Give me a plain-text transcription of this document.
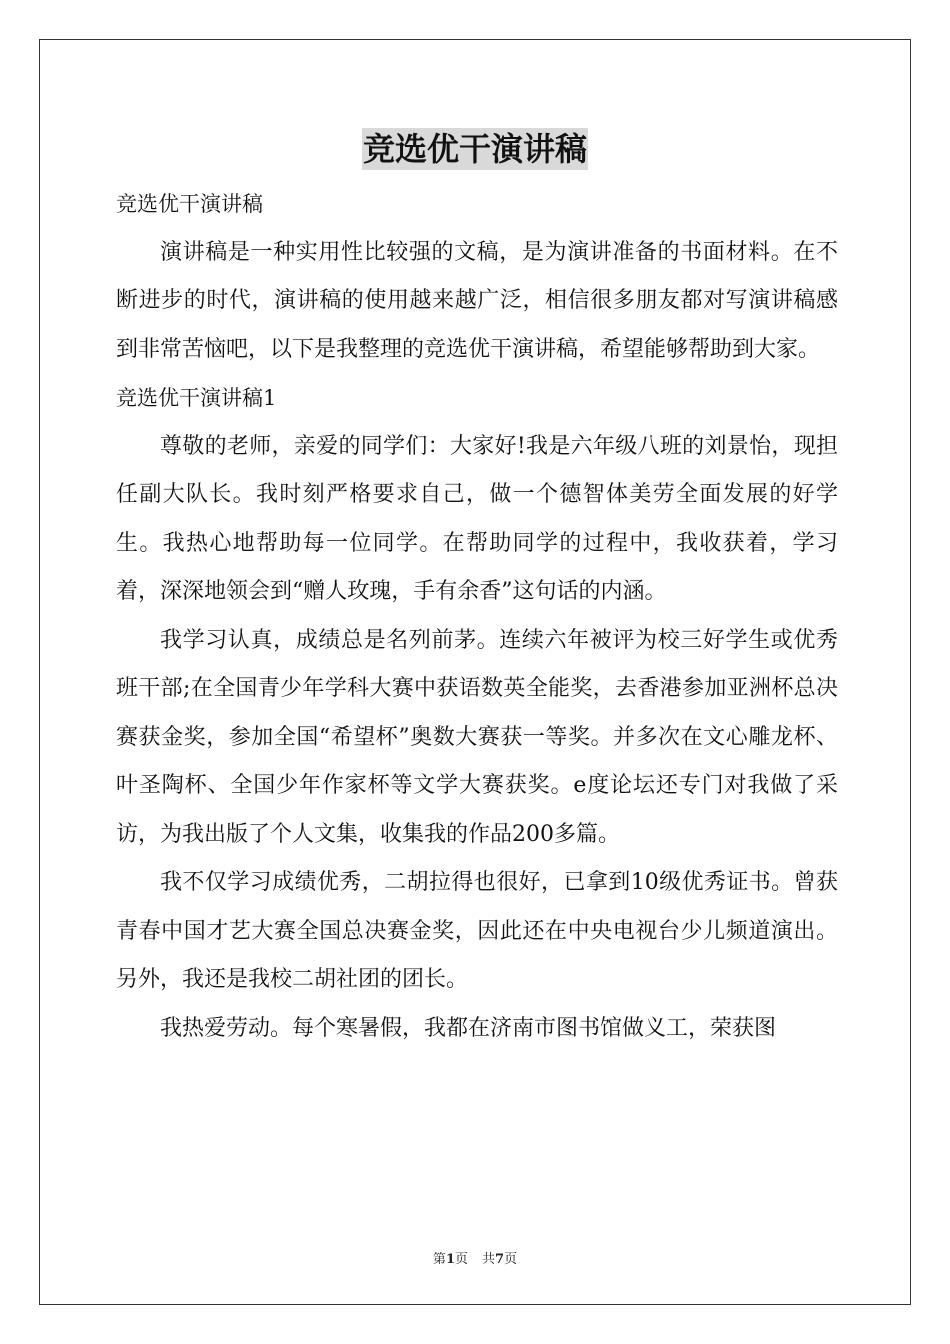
竞选优干演讲稿

竞选优干演讲稿

演讲稿是一种实用性比较强的文稿，是为演讲准备的书面材料。在不断进步的时代，演讲稿的使用越来越广泛，相信很多朋友都对写演讲稿感到非常苦恼吧，以下是我整理的竞选优干演讲稿，希望能够帮助到大家。

竞选优干演讲稿1

尊敬的老师，亲爱的同学们：大家好!我是六年级八班的刘景怡，现担任副大队长。我时刻严格要求自己，做一个德智体美劳全面发展的好学生。我热心地帮助每一位同学。在帮助同学的过程中，我收获着，学习着，深深地领会到“赠人玫瑰，手有余香”这句话的内涵。

我学习认真，成绩总是名列前茅。连续六年被评为校三好学生或优秀班干部;在全国青少年学科大赛中获语数英全能奖，去香港参加亚洲杯总决赛获金奖，参加全国“希望杯”奥数大赛获一等奖。并多次在文心雕龙杯、叶圣陶杯、全国少年作家杯等文学大赛获奖。e度论坛还专门对我做了采访，为我出版了个人文集，收集我的作品200多篇。

我不仅学习成绩优秀，二胡拉得也很好，已拿到10级优秀证书。曾获青春中国才艺大赛全国总决赛金奖，因此还在中央电视台少儿频道演出。另外，我还是我校二胡社团的团长。

我热爱劳动。每个寒暑假，我都在济南市图书馆做义工，荣获图

第1页 共7页
